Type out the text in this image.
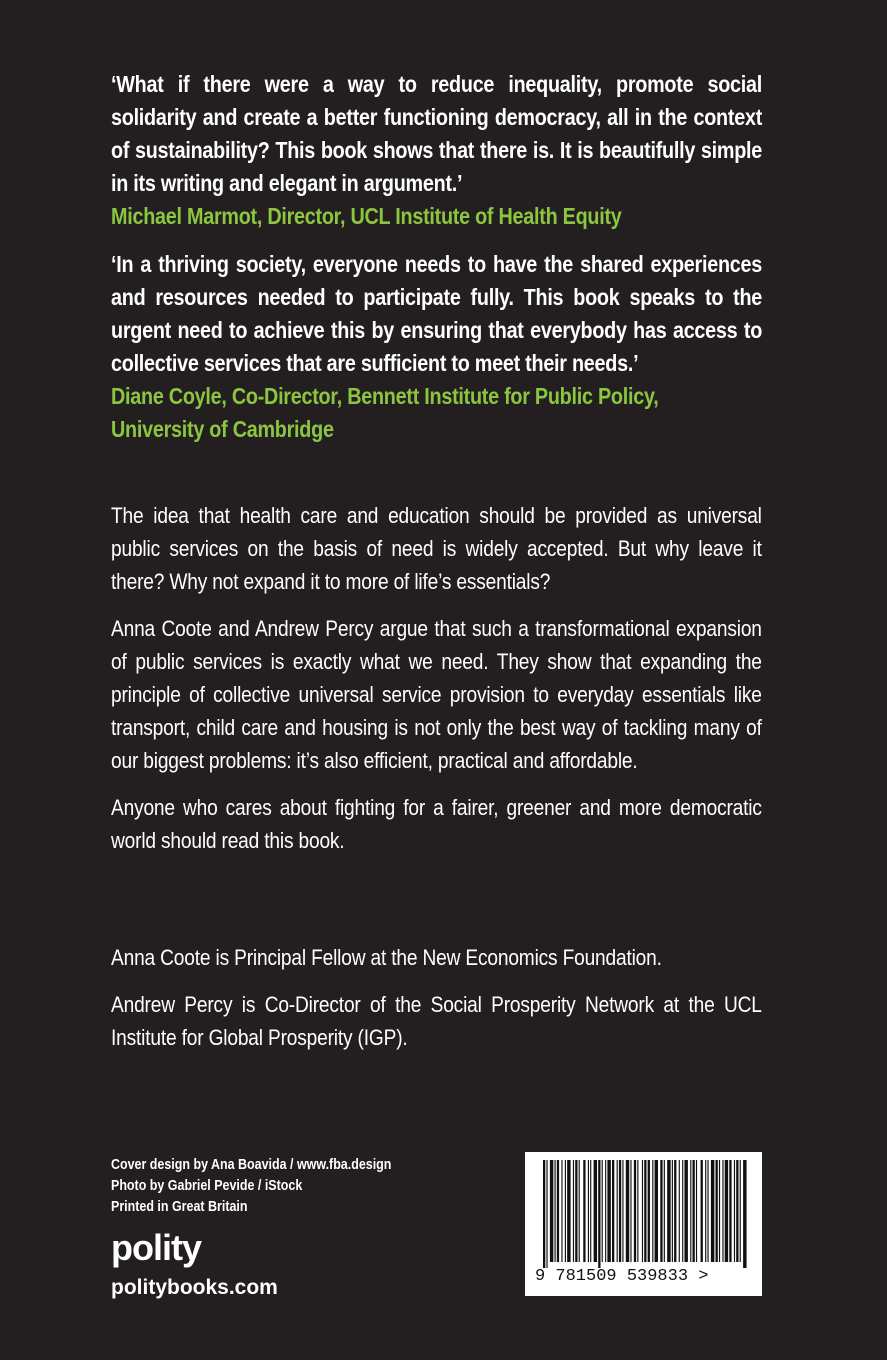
‘What if there were a way to reduce inequality, promote social solidarity and create a better functioning democracy, all in the context of sustainability? This book shows that there is. It is beautifully simple in its writing and elegant in argument.’

Michael Marmot, Director, UCL Institute of Health Equity

‘In a thriving society, everyone needs to have the shared experiences and resources needed to participate fully. This book speaks to the urgent need to achieve this by ensuring that everybody has access to collective services that are sufficient to meet their needs.’

Diane Coyle, Co-Director, Bennett Institute for Public Policy,
University of Cambridge

The idea that health care and education should be provided as universal public services on the basis of need is widely accepted. But why leave it there? Why not expand it to more of life’s essentials?

Anna Coote and Andrew Percy argue that such a transformational expansion of public services is exactly what we need. They show that expanding the principle of collective universal service provision to everyday essentials like transport, child care and housing is not only the best way of tackling many of our biggest problems: it’s also efficient, practical and affordable.

Anyone who cares about fighting for a fairer, greener and more democratic world should read this book.

Anna Coote is Principal Fellow at the New Economics Foundation.

Andrew Percy is Co-Director of the Social Prosperity Network at the UCL Institute for Global Prosperity (IGP).

Cover design by Ana Boavida / www.fba.design
Photo by Gabriel Pevide / iStock
Printed in Great Britain
polity
politybooks.com	9 781509 539833 >
